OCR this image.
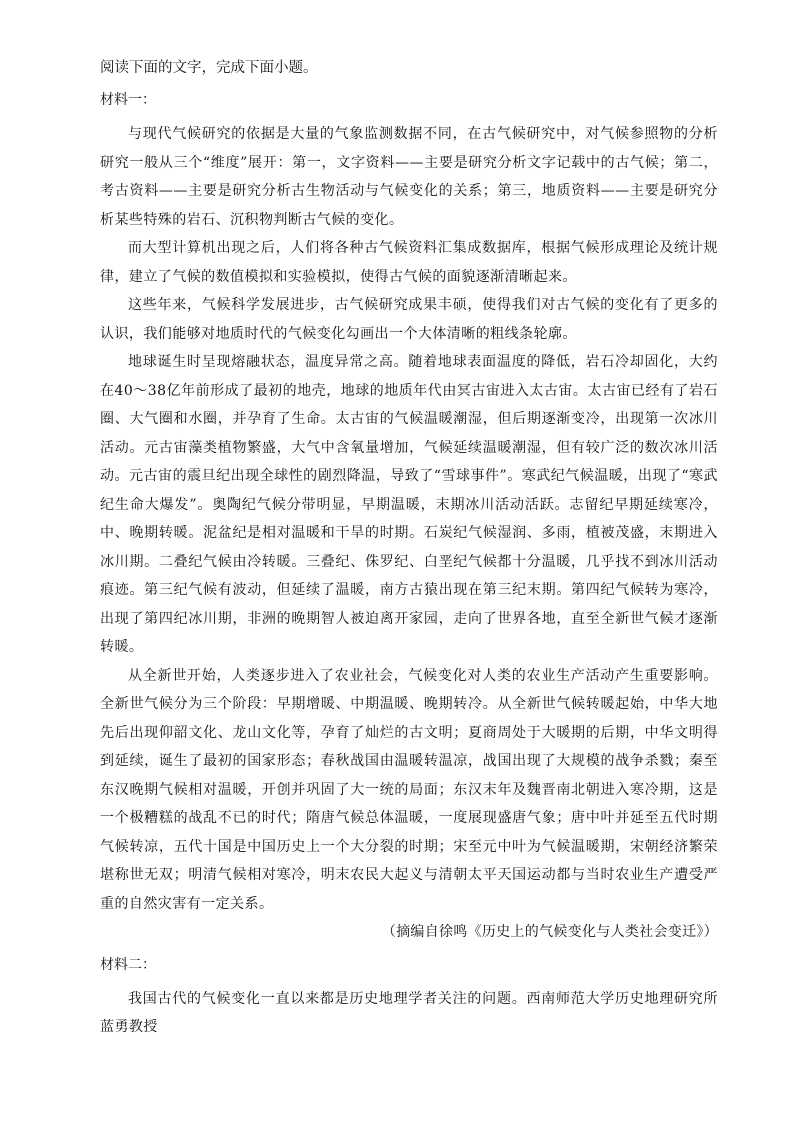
阅读下面的文字，完成下面小题。

材料一：

与现代气候研究的依据是大量的气象监测数据不同，在古气候研究中，对气候参照物的分析研究一般从三个“维度”展开：第一，文字资料——主要是研究分析文字记载中的古气候；第二，考古资料——主要是研究分析古生物活动与气候变化的关系；第三，地质资料——主要是研究分析某些特殊的岩石、沉积物判断古气候的变化。

而大型计算机出现之后，人们将各种古气候资料汇集成数据库，根据气候形成理论及统计规律，建立了气候的数值模拟和实验模拟，使得古气候的面貌逐渐清晰起来。

这些年来，气候科学发展进步，古气候研究成果丰硕，使得我们对古气候的变化有了更多的认识，我们能够对地质时代的气候变化勾画出一个大体清晰的粗线条轮廓。

地球诞生时呈现熔融状态，温度异常之高。随着地球表面温度的降低，岩石冷却固化，大约在40～38亿年前形成了最初的地壳，地球的地质年代由冥古宙进入太古宙。太古宙已经有了岩石圈、大气圈和水圈，并孕育了生命。太古宙的气候温暖潮湿，但后期逐渐变冷，出现第一次冰川活动。元古宙藻类植物繁盛，大气中含氧量增加，气候延续温暖潮湿，但有较广泛的数次冰川活动。元古宙的震旦纪出现全球性的剧烈降温，导致了“雪球事件”。寒武纪气候温暖，出现了“寒武纪生命大爆发”。奥陶纪气候分带明显，早期温暖，末期冰川活动活跃。志留纪早期延续寒冷，中、晚期转暖。泥盆纪是相对温暖和干旱的时期。石炭纪气候湿润、多雨，植被茂盛，末期进入冰川期。二叠纪气候由冷转暖。三叠纪、侏罗纪、白垩纪气候都十分温暖，几乎找不到冰川活动痕迹。第三纪气候有波动，但延续了温暖，南方古猿出现在第三纪末期。第四纪气候转为寒冷，出现了第四纪冰川期，非洲的晚期智人被迫离开家园，走向了世界各地，直至全新世气候才逐渐转暖。

从全新世开始，人类逐步进入了农业社会，气候变化对人类的农业生产活动产生重要影响。全新世气候分为三个阶段：早期增暖、中期温暖、晚期转冷。从全新世气候转暖起始，中华大地先后出现仰韶文化、龙山文化等，孕育了灿烂的古文明；夏商周处于大暖期的后期，中华文明得到延续，诞生了最初的国家形态；春秋战国由温暖转温凉，战国出现了大规模的战争杀戮；秦至东汉晚期气候相对温暖，开创并巩固了大一统的局面；东汉末年及魏晋南北朝进入寒冷期，这是一个极糟糕的战乱不已的时代；隋唐气候总体温暖，一度展现盛唐气象；唐中叶并延至五代时期气候转凉，五代十国是中国历史上一个大分裂的时期；宋至元中叶为气候温暖期，宋朝经济繁荣堪称世无双；明清气候相对寒冷，明末农民大起义与清朝太平天国运动都与当时农业生产遭受严重的自然灾害有一定关系。

（摘编自徐鸣《历史上的气候变化与人类社会变迁》）

材料二：

我国古代的气候变化一直以来都是历史地理学者关注的问题。西南师范大学历史地理研究所蓝勇教授
